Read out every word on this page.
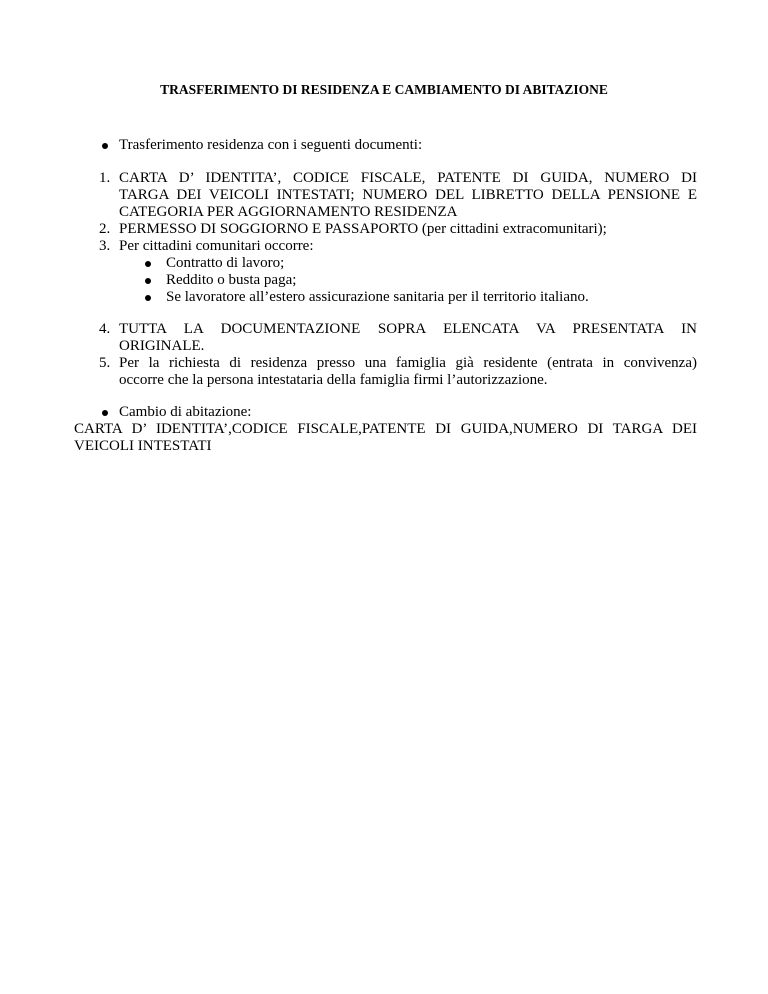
TRASFERIMENTO DI RESIDENZA E CAMBIAMENTO DI ABITAZIONE
Trasferimento residenza con i seguenti documenti:
1. CARTA D’ IDENTITA’, CODICE FISCALE, PATENTE DI GUIDA, NUMERO DI
TARGA DEI VEICOLI INTESTATI; NUMERO DEL LIBRETTO DELLA PENSIONE E
CATEGORIA PER AGGIORNAMENTO RESIDENZA
2. PERMESSO DI SOGGIORNO E PASSAPORTO (per cittadini extracomunitari);
3. Per cittadini comunitari occorre:
Contratto di lavoro;
Reddito o busta paga;
Se lavoratore all’estero assicurazione sanitaria per il territorio italiano.
4. TUTTA LA DOCUMENTAZIONE SOPRA ELENCATA VA PRESENTATA IN
ORIGINALE.
5. Per la richiesta di residenza presso una famiglia già residente (entrata in convivenza)
occorre che la persona intestataria della famiglia firmi l’autorizzazione.
Cambio di abitazione:
CARTA D’ IDENTITA’,CODICE FISCALE,PATENTE DI GUIDA,NUMERO DI TARGA DEI
VEICOLI INTESTATI
